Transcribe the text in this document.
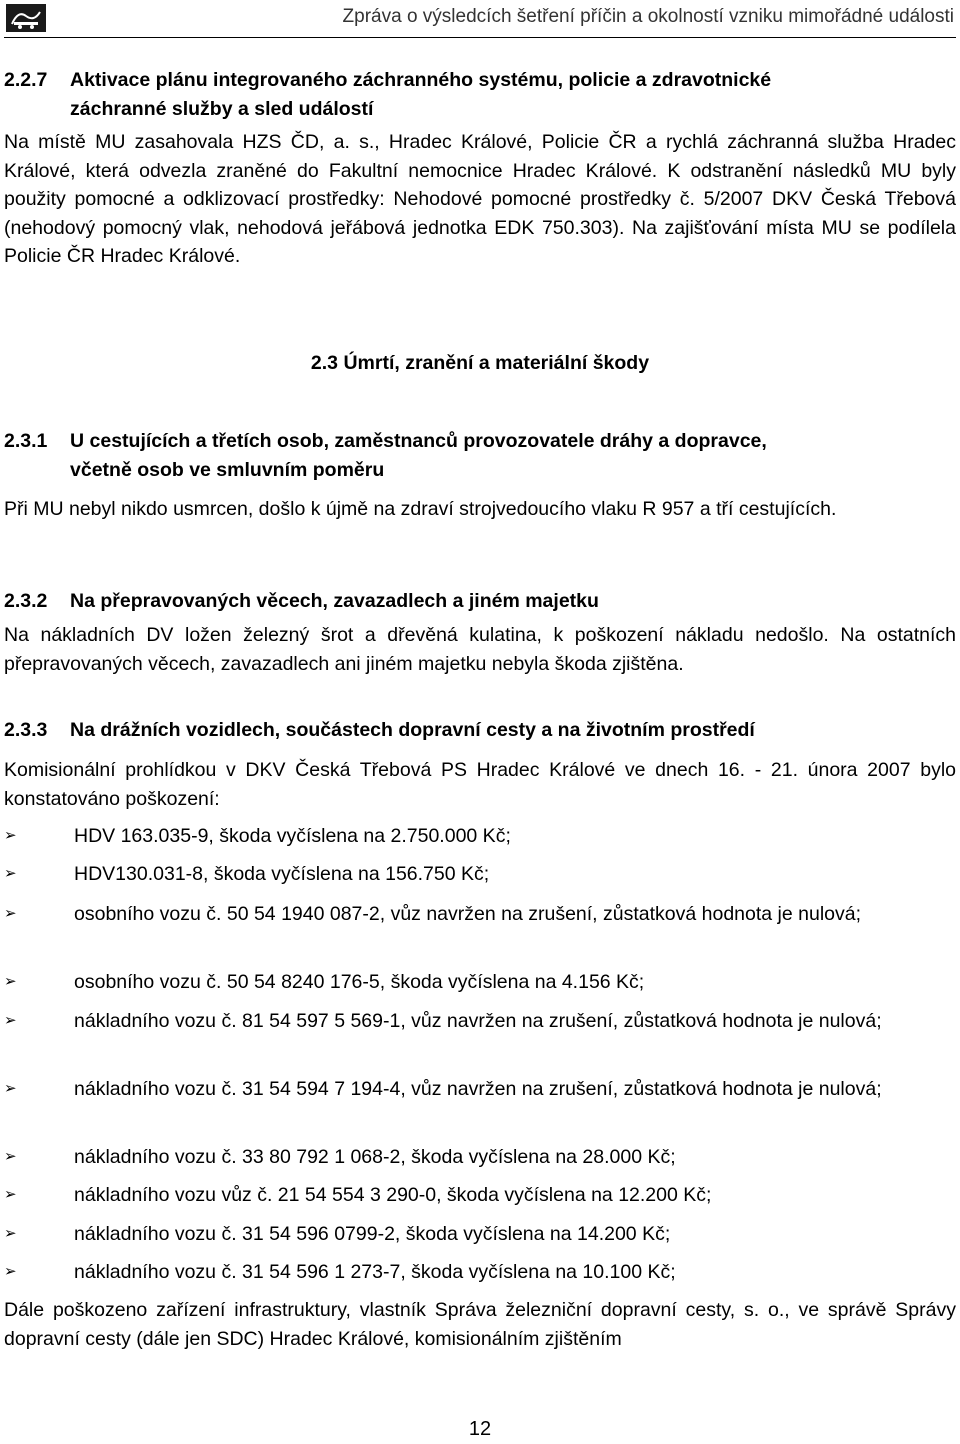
Zpráva o výsledcích šetření příčin a okolností vzniku mimořádné události
2.2.7	Aktivace plánu integrovaného záchranného systému, policie a zdravotnické
záchranné služby a sled událostí
Na místě MU zasahovala HZS ČD, a. s., Hradec Králové, Policie ČR a rychlá záchranná služba Hradec Králové, která odvezla zraněné do Fakultní nemocnice Hradec Králové. K odstranění následků MU byly použity pomocné a odklizovací prostředky: Nehodové pomocné prostředky č. 5/2007 DKV Česká Třebová (nehodový pomocný vlak, nehodová jeřábová jednotka EDK 750.303). Na zajišťování místa MU se podílela Policie ČR Hradec Králové.
2.3 Úmrtí, zranění a materiální škody
2.3.1	U cestujících a třetích osob, zaměstnanců provozovatele dráhy a dopravce,
včetně osob ve smluvním poměru
Při MU nebyl nikdo usmrcen, došlo k újmě na zdraví strojvedoucího vlaku R 957 a tří cestujících.
2.3.2	Na přepravovaných věcech, zavazadlech a jiném majetku
Na nákladních DV ložen železný šrot a dřevěná kulatina, k poškození nákladu nedošlo. Na ostatních přepravovaných věcech, zavazadlech ani jiném majetku nebyla škoda zjištěna.
2.3.3	Na drážních vozidlech, součástech dopravní cesty a na životním prostředí
Komisionální prohlídkou v DKV Česká Třebová PS Hradec Králové ve dnech 16. - 21. února 2007 bylo konstatováno poškození:
➢	HDV 163.035-9, škoda vyčíslena na 2.750.000 Kč;
➢	HDV130.031-8, škoda vyčíslena na 156.750 Kč;
➢	osobního vozu č. 50 54 1940 087-2, vůz navržen na zrušení, zůstatková hodnota je nulová;
➢	osobního vozu č. 50 54 8240 176-5, škoda vyčíslena na 4.156 Kč;
➢	nákladního vozu č. 81 54 597 5 569-1, vůz navržen na zrušení, zůstatková hodnota je nulová;
➢	nákladního vozu č. 31 54 594 7 194-4, vůz navržen na zrušení, zůstatková hodnota je nulová;
➢	nákladního vozu č. 33 80 792 1 068-2, škoda vyčíslena na 28.000 Kč;
➢	nákladního vozu vůz č. 21 54 554 3 290-0, škoda vyčíslena na 12.200 Kč;
➢	nákladního vozu č. 31 54 596 0799-2, škoda vyčíslena na 14.200 Kč;
➢	nákladního vozu č. 31 54 596 1 273-7, škoda vyčíslena na 10.100 Kč;
Dále poškozeno zařízení infrastruktury, vlastník Správa železniční dopravní cesty, s. o., ve správě Správy dopravní cesty (dále jen SDC) Hradec Králové, komisionálním zjištěním
12
